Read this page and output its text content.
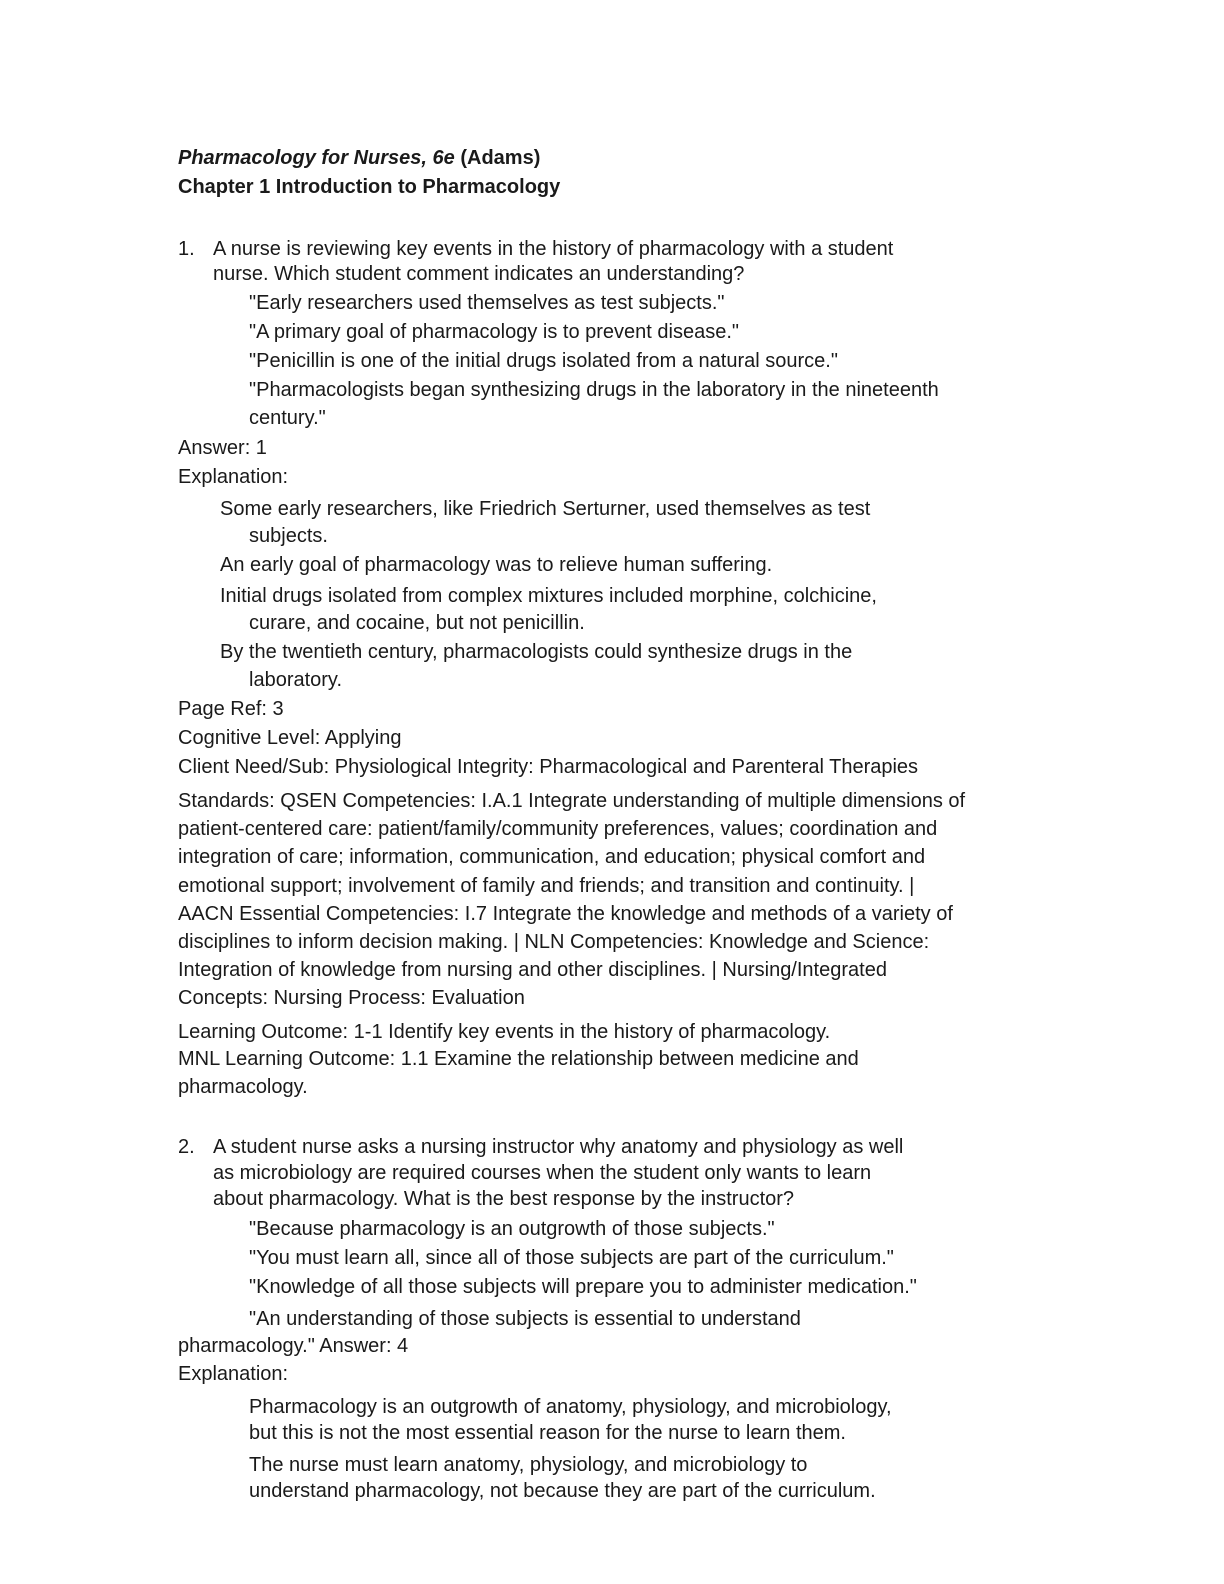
Pharmacology for Nurses, 6e (Adams)
Chapter 1 Introduction to Pharmacology
1. A nurse is reviewing key events in the history of pharmacology with a student
nurse. Which student comment indicates an understanding?
"Early researchers used themselves as test subjects."
"A primary goal of pharmacology is to prevent disease."
"Penicillin is one of the initial drugs isolated from a natural source."
"Pharmacologists began synthesizing drugs in the laboratory in the nineteenth
century."
Answer: 1
Explanation:
Some early researchers, like Friedrich Serturner, used themselves as test
subjects.
An early goal of pharmacology was to relieve human suffering.
Initial drugs isolated from complex mixtures included morphine, colchicine,
curare, and cocaine, but not penicillin.
By the twentieth century, pharmacologists could synthesize drugs in the
laboratory.
Page Ref: 3
Cognitive Level: Applying
Client Need/Sub: Physiological Integrity: Pharmacological and Parenteral Therapies
Standards: QSEN Competencies: I.A.1 Integrate understanding of multiple dimensions of
patient-centered care: patient/family/community preferences, values; coordination and
integration of care; information, communication, and education; physical comfort and
emotional support; involvement of family and friends; and transition and continuity. |
AACN Essential Competencies: I.7 Integrate the knowledge and methods of a variety of
disciplines to inform decision making. | NLN Competencies: Knowledge and Science:
Integration of knowledge from nursing and other disciplines. | Nursing/Integrated
Concepts: Nursing Process: Evaluation
Learning Outcome: 1-1 Identify key events in the history of pharmacology.
MNL Learning Outcome: 1.1 Examine the relationship between medicine and
pharmacology.
2. A student nurse asks a nursing instructor why anatomy and physiology as well
as microbiology are required courses when the student only wants to learn
about pharmacology. What is the best response by the instructor?
"Because pharmacology is an outgrowth of those subjects."
"You must learn all, since all of those subjects are part of the curriculum."
"Knowledge of all those subjects will prepare you to administer medication."
"An understanding of those subjects is essential to understand
pharmacology." Answer: 4
Explanation:
Pharmacology is an outgrowth of anatomy, physiology, and microbiology,
but this is not the most essential reason for the nurse to learn them.
The nurse must learn anatomy, physiology, and microbiology to
understand pharmacology, not because they are part of the curriculum.
